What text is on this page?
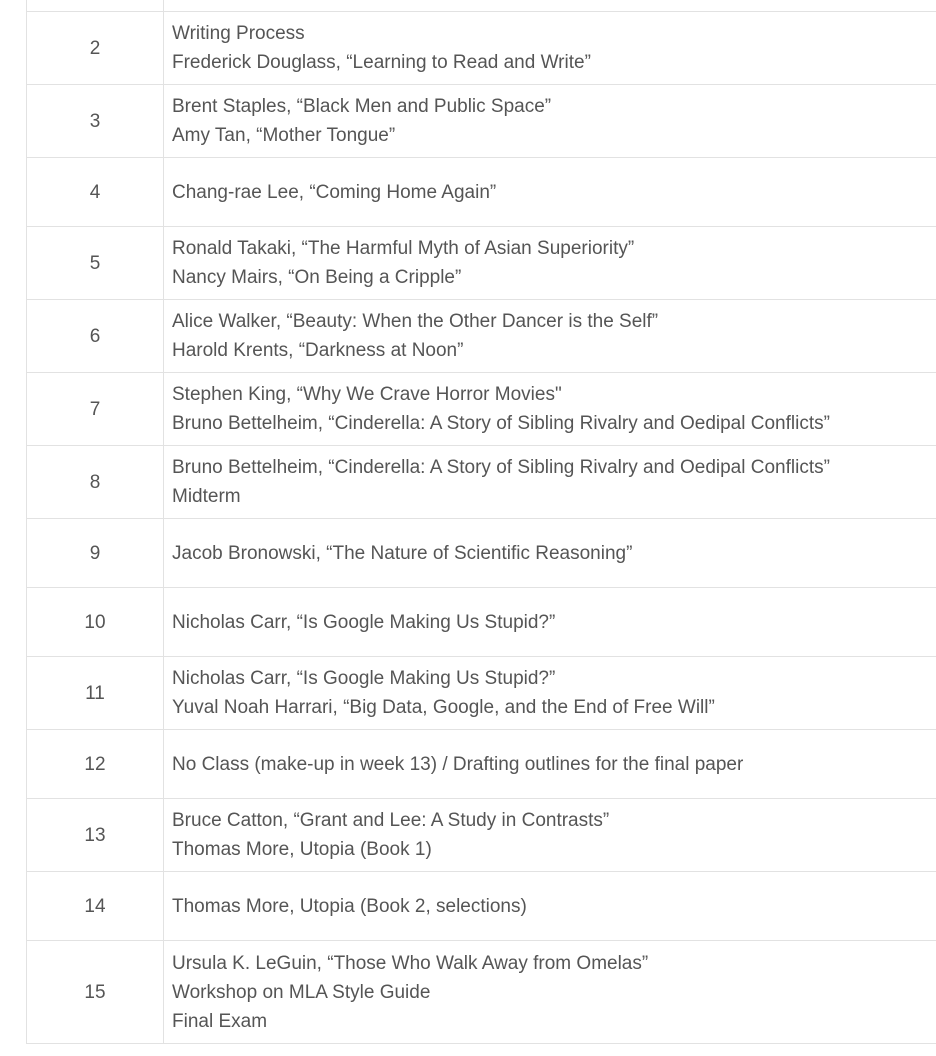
2	Writing Process
Frederick Douglass, “Learning to Read and Write”

3	Brent Staples, “Black Men and Public Space”
Amy Tan, “Mother Tongue”

4	Chang-rae Lee, “Coming Home Again”

5	Ronald Takaki, “The Harmful Myth of Asian Superiority”
Nancy Mairs, “On Being a Cripple”

6	Alice Walker, “Beauty: When the Other Dancer is the Self”
Harold Krents, “Darkness at Noon”

7	Stephen King, “Why We Crave Horror Movies"
Bruno Bettelheim, “Cinderella: A Story of Sibling Rivalry and Oedipal Conflicts”

8	Bruno Bettelheim, “Cinderella: A Story of Sibling Rivalry and Oedipal Conflicts”
Midterm

9	Jacob Bronowski, “The Nature of Scientific Reasoning”

10	Nicholas Carr, “Is Google Making Us Stupid?”

11	Nicholas Carr, “Is Google Making Us Stupid?”
Yuval Noah Harrari, “Big Data, Google, and the End of Free Will”

12	No Class (make-up in week 13) / Drafting outlines for the final paper

13	Bruce Catton, “Grant and Lee: A Study in Contrasts”
Thomas More, Utopia (Book 1)

14	Thomas More, Utopia (Book 2, selections)

15	Ursula K. LeGuin, “Those Who Walk Away from Omelas”
Workshop on MLA Style Guide
Final Exam
